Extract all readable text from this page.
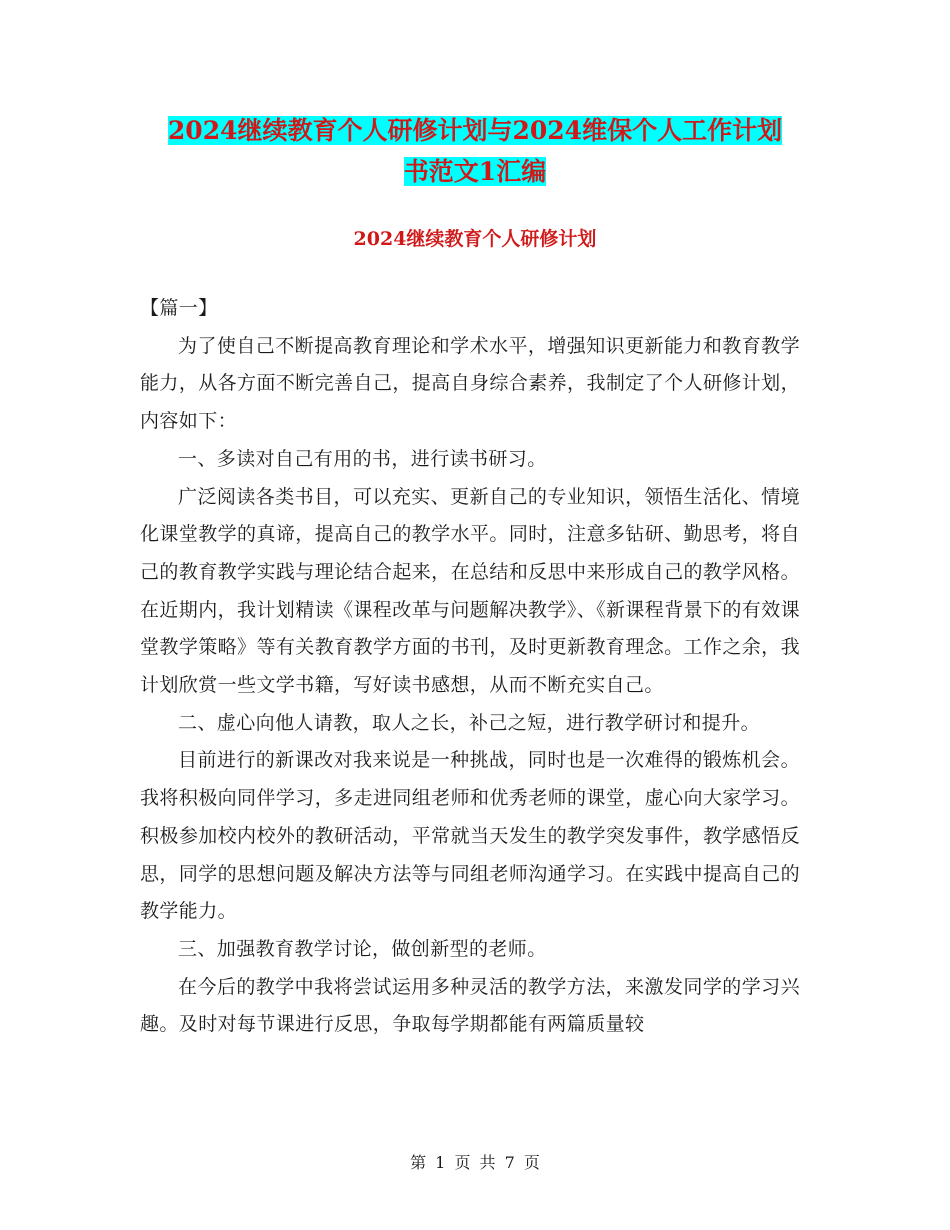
2024继续教育个人研修计划与2024维保个人工作计划
书范文1汇编
2024继续教育个人研修计划

【篇一】

为了使自己不断提高教育理论和学术水平，增强知识更新能力和教育教学能力，从各方面不断完善自己，提高自身综合素养，我制定了个人研修计划，内容如下：

一、多读对自己有用的书，进行读书研习。

广泛阅读各类书目，可以充实、更新自己的专业知识，领悟生活化、情境化课堂教学的真谛，提高自己的教学水平。同时，注意多钻研、勤思考，将自己的教育教学实践与理论结合起来，在总结和反思中来形成自己的教学风格。在近期内，我计划精读《课程改革与问题解决教学》、《新课程背景下的有效课堂教学策略》等有关教育教学方面的书刊，及时更新教育理念。工作之余，我计划欣赏一些文学书籍，写好读书感想，从而不断充实自己。

二、虚心向他人请教，取人之长，补己之短，进行教学研讨和提升。

目前进行的新课改对我来说是一种挑战，同时也是一次难得的锻炼机会。我将积极向同伴学习，多走进同组老师和优秀老师的课堂，虚心向大家学习。积极参加校内校外的教研活动，平常就当天发生的教学突发事件，教学感悟反思，同学的思想问题及解决方法等与同组老师沟通学习。在实践中提高自己的教学能力。

三、加强教育教学讨论，做创新型的老师。

在今后的教学中我将尝试运用多种灵活的教学方法，来激发同学的学习兴趣。及时对每节课进行反思，争取每学期都能有两篇质量较

第 1 页 共 7 页
